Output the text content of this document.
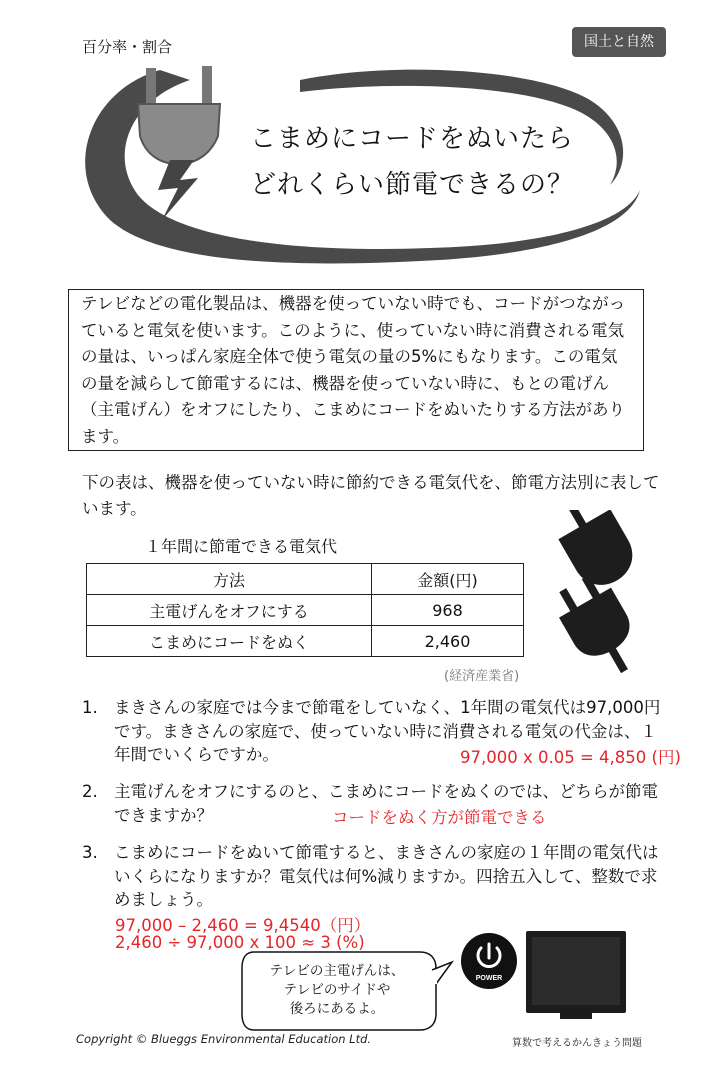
百分率・割合	国土と自然
こまめにコードをぬいたら
どれくらい節電できるの？
テレビなどの電化製品は、機器を使っていない時でも、コードがつながっていると電気を使います。このように、使っていない時に消費される電気の量は、いっぱん家庭全体で使う電気の量の5%にもなります。この電気の量を減らして節電するには、機器を使っていない時に、もとの電げん（主電げん）をオフにしたり、こまめにコードをぬいたりする方法があります。
下の表は、機器を使っていない時に節約できる電気代を、節電方法別に表しています。
１年間に節電できる電気代
方法	金額(円)
主電げんをオフにする	968
こまめにコードをぬく	2,460
(経済産業省)
1. まきさんの家庭では今まで節電をしていなく、1年間の電気代は97,000円です。まきさんの家庭で、使っていない時に消費される電気の代金は、１年間でいくらですか。	97,000 x 0.05 = 4,850 (円)
2. 主電げんをオフにするのと、こまめにコードをぬくのでは、どちらが節電できますか？	コードをぬく方が節電できる
3. こまめにコードをぬいて節電すると、まきさんの家庭の１年間の電気代はいくらになりますか？電気代は何%減りますか。四捨五入して、整数で求めましょう。
97,000 – 2,460 = 9,4540（円）
2,460 ÷ 97,000 x 100 ≈ 3 (%)
テレビの主電げんは、
テレビのサイドや
後ろにあるよ。
POWER
Copyright © Blueggs Environmental Education Ltd.	算数で考えるかんきょう問題
